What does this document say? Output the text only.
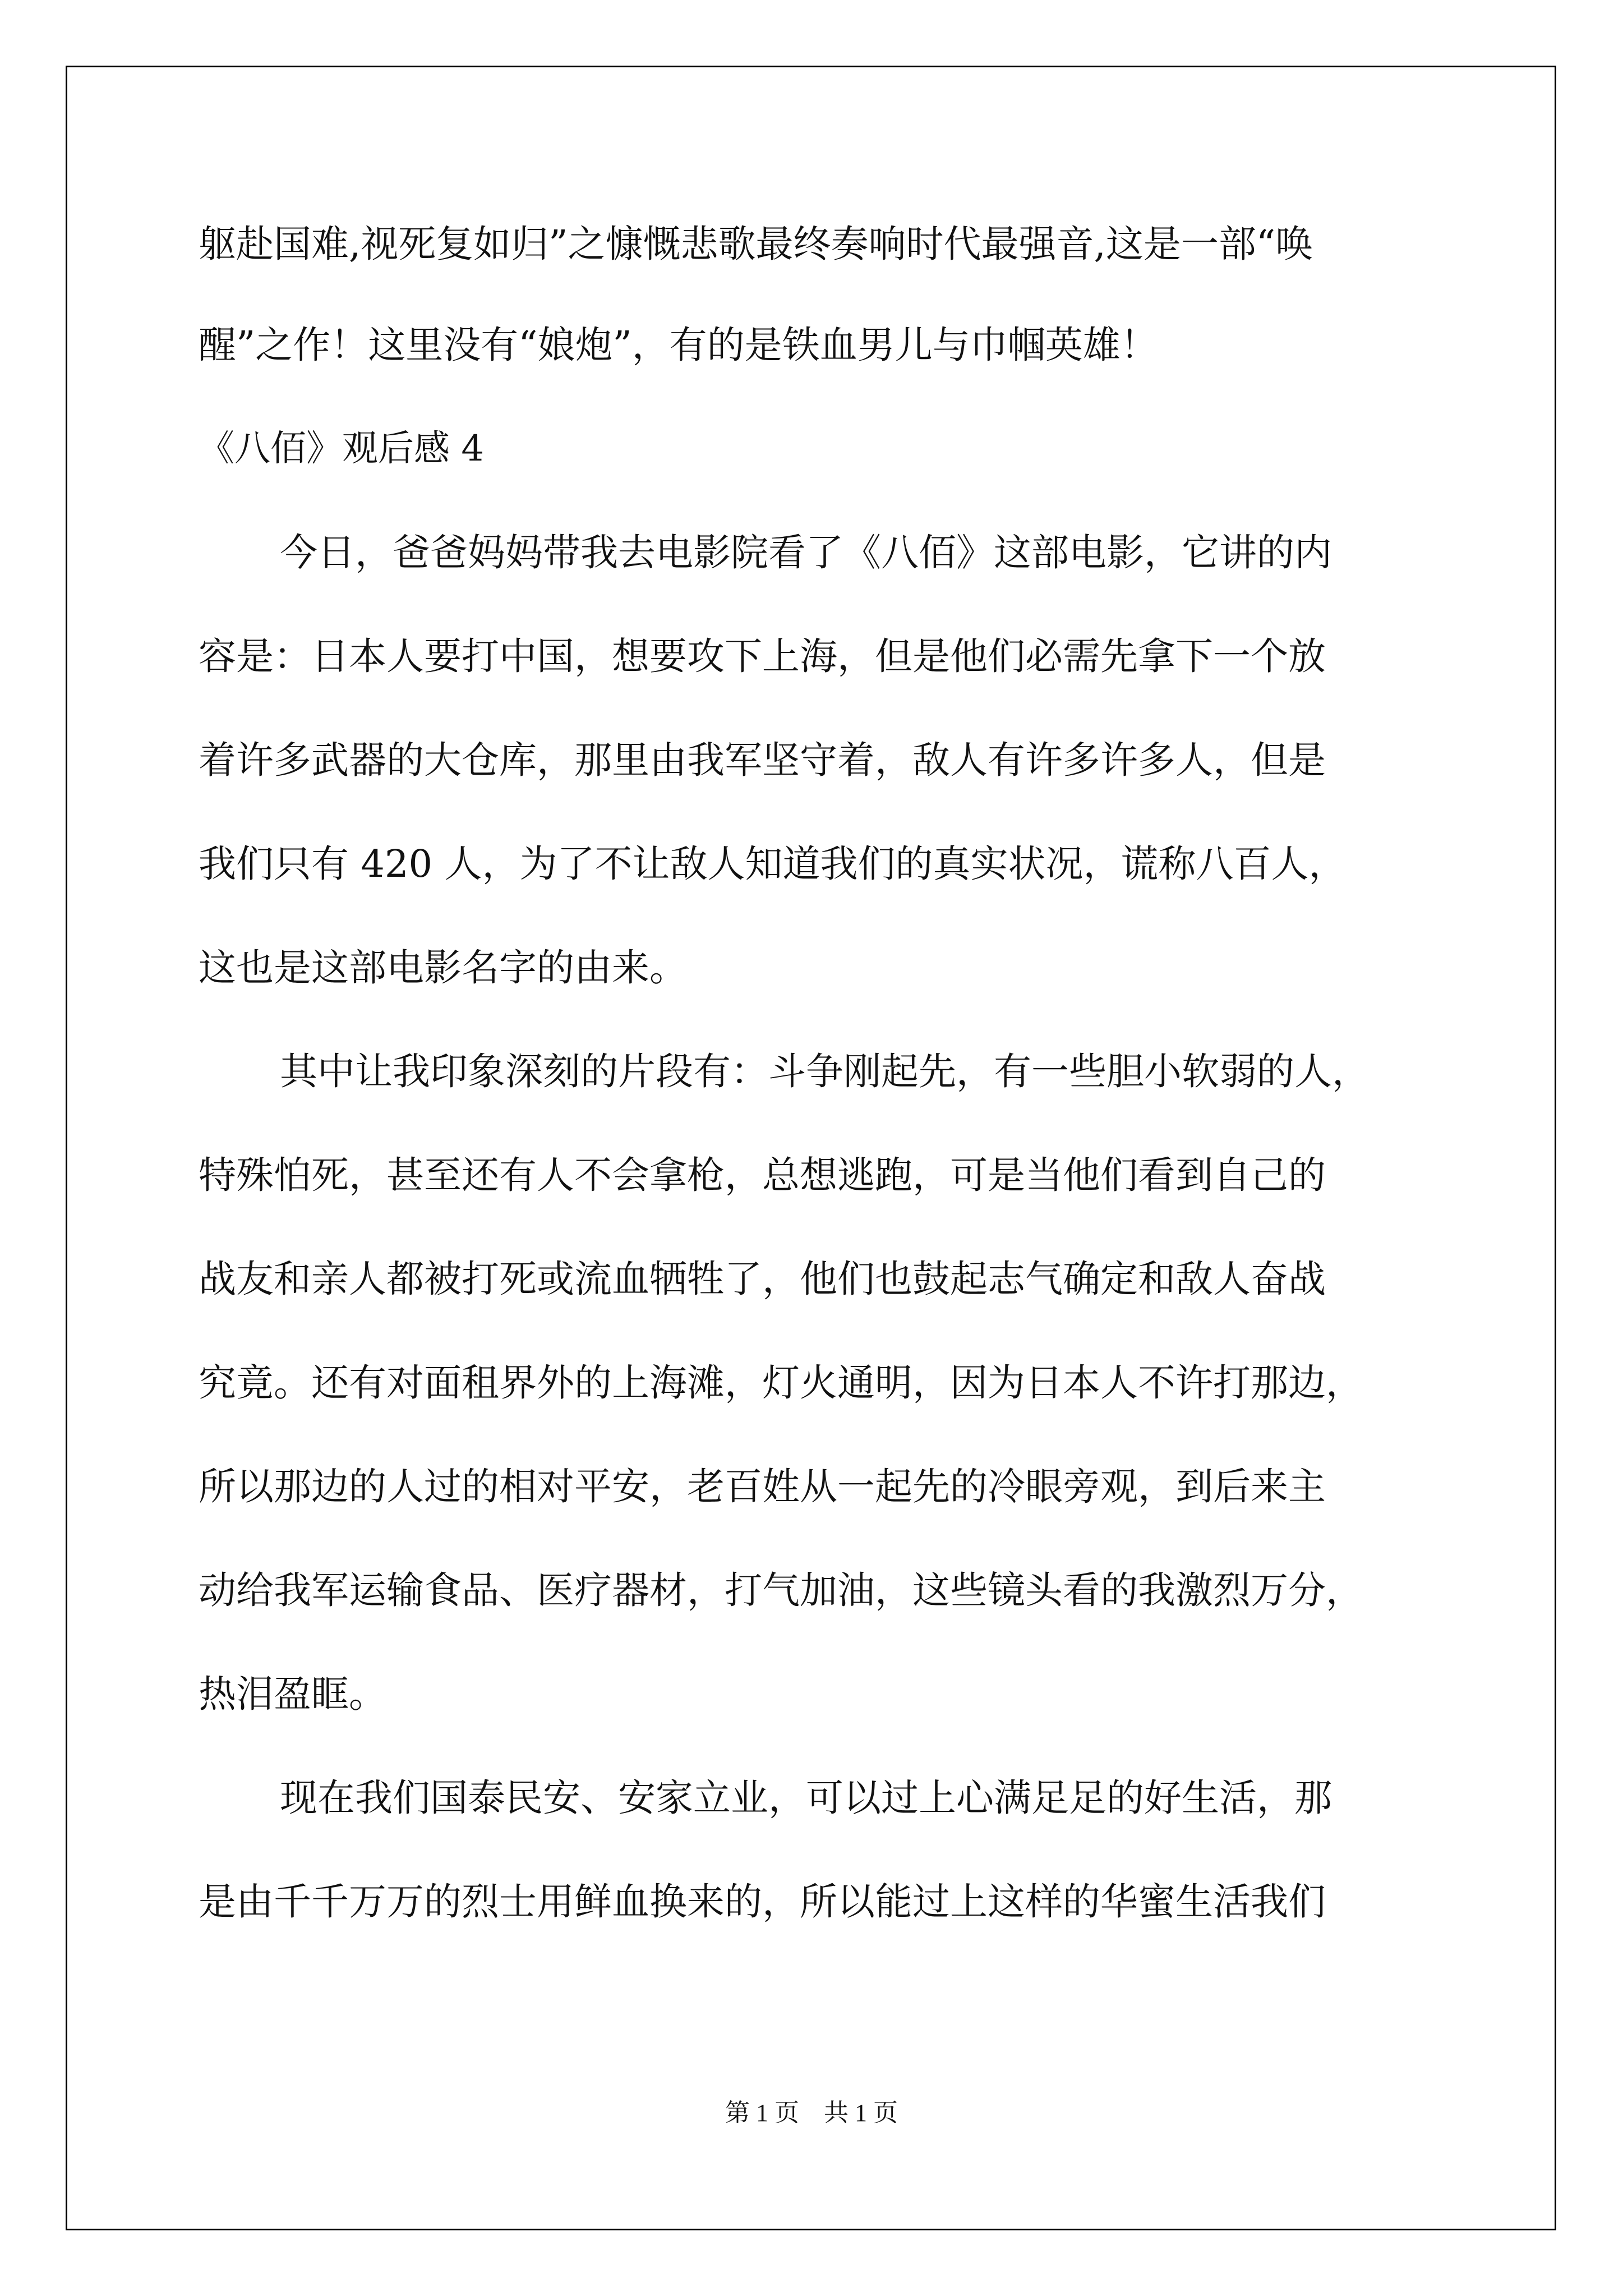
躯赴国难,视死复如归”之慷慨悲歌最终奏响时代最强音,这是一部“唤

醒”之作！这里没有“娘炮”，有的是铁血男儿与巾帼英雄！

《八佰》观后感 4

今日，爸爸妈妈带我去电影院看了《八佰》这部电影，它讲的内

容是：日本人要打中国，想要攻下上海，但是他们必需先拿下一个放

着许多武器的大仓库，那里由我军坚守着，敌人有许多许多人，但是

我们只有 420 人，为了不让敌人知道我们的真实状况，谎称八百人，

这也是这部电影名字的由来。

其中让我印象深刻的片段有：斗争刚起先，有一些胆小软弱的人，

特殊怕死，甚至还有人不会拿枪，总想逃跑，可是当他们看到自己的

战友和亲人都被打死或流血牺牲了，他们也鼓起志气确定和敌人奋战

究竟。还有对面租界外的上海滩，灯火通明，因为日本人不许打那边，

所以那边的人过的相对平安，老百姓从一起先的冷眼旁观，到后来主

动给我军运输食品、医疗器材，打气加油，这些镜头看的我激烈万分，

热泪盈眶。

现在我们国泰民安、安家立业，可以过上心满足足的好生活，那

是由千千万万的烈士用鲜血换来的，所以能过上这样的华蜜生活我们

第 1 页　共 1 页
